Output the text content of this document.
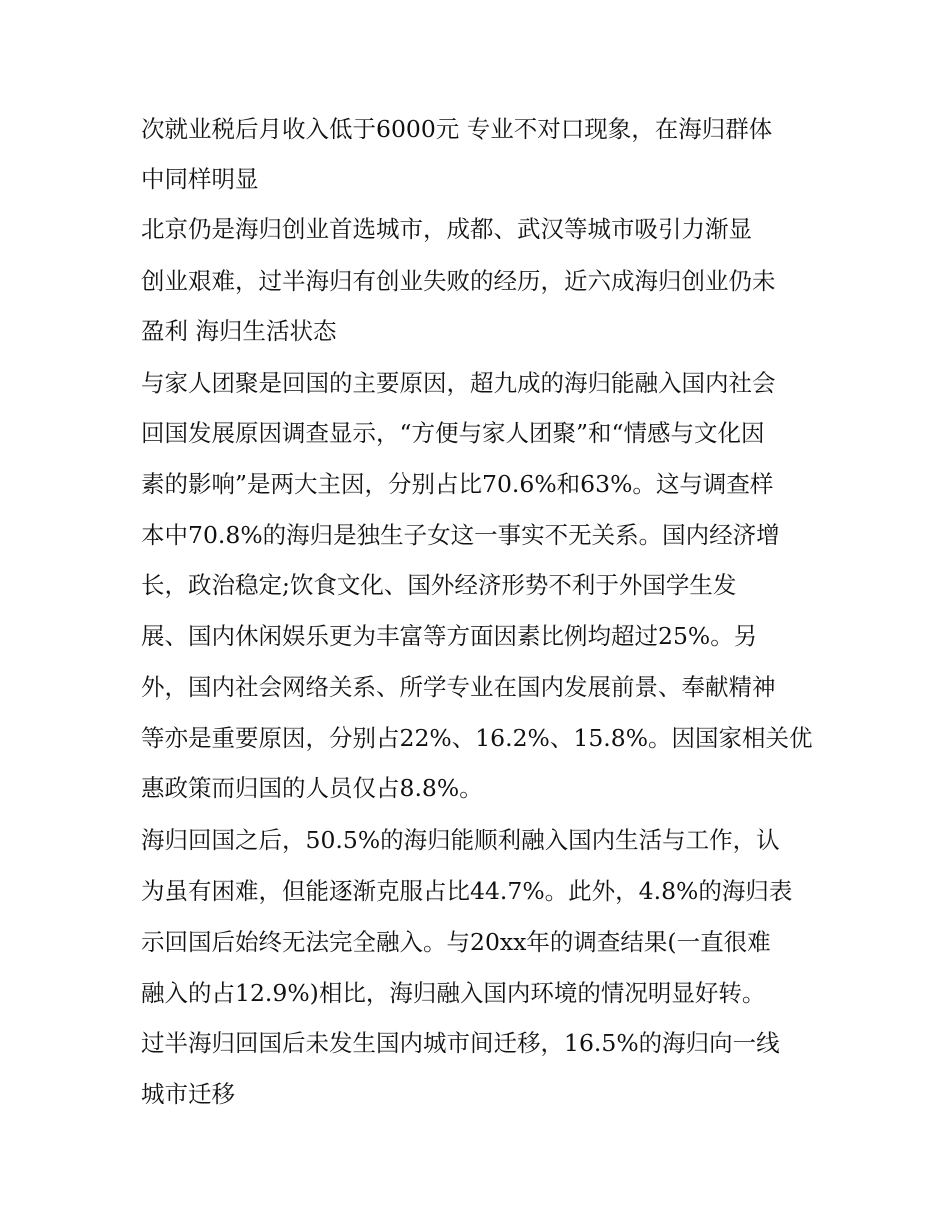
次就业税后月收入低于6000元 专业不对口现象，在海归群体
中同样明显
北京仍是海归创业首选城市，成都、武汉等城市吸引力渐显
创业艰难，过半海归有创业失败的经历，近六成海归创业仍未
盈利 海归生活状态
与家人团聚是回国的主要原因，超九成的海归能融入国内社会
回国发展原因调查显示，“方便与家人团聚”和“情感与文化因
素的影响”是两大主因，分别占比70.6%和63%。这与调查样
本中70.8%的海归是独生子女这一事实不无关系。国内经济增
长，政治稳定;饮食文化、国外经济形势不利于外国学生发
展、国内休闲娱乐更为丰富等方面因素比例均超过25%。另
外，国内社会网络关系、所学专业在国内发展前景、奉献精神
等亦是重要原因，分别占22%、16.2%、15.8%。因国家相关优
惠政策而归国的人员仅占8.8%。
海归回国之后，50.5%的海归能顺利融入国内生活与工作，认
为虽有困难，但能逐渐克服占比44.7%。此外，4.8%的海归表
示回国后始终无法完全融入。与20xx年的调查结果(一直很难
融入的占12.9%)相比，海归融入国内环境的情况明显好转。
过半海归回国后未发生国内城市间迁移，16.5%的海归向一线
城市迁移
